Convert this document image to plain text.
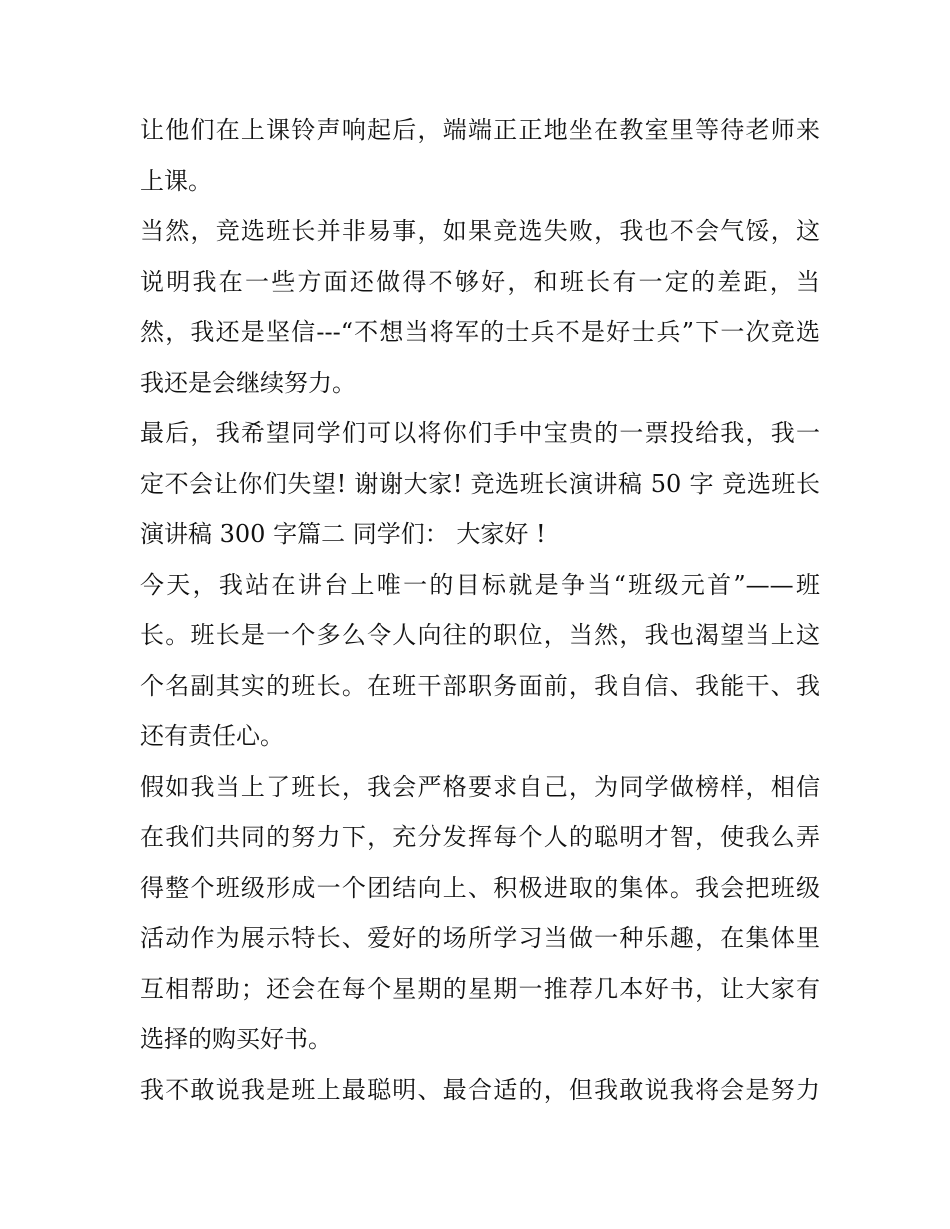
让他们在上课铃声响起后，端端正正地坐在教室里等待老师来
上课。
当然，竞选班长并非易事，如果竞选失败，我也不会气馁，这
说明我在一些方面还做得不够好，和班长有一定的差距，当
然，我还是坚信---“不想当将军的士兵不是好士兵”下一次竞选
我还是会继续努力。
最后，我希望同学们可以将你们手中宝贵的一票投给我，我一
定不会让你们失望! 谢谢大家! 竞选班长演讲稿 50 字 竞选班长
演讲稿 300 字篇二 同学们： 大家好 !
今天，我站在讲台上唯一的目标就是争当“班级元首”——班
长。班长是一个多么令人向往的职位，当然，我也渴望当上这
个名副其实的班长。在班干部职务面前，我自信、我能干、我
还有责任心。
假如我当上了班长，我会严格要求自己，为同学做榜样，相信
在我们共同的努力下，充分发挥每个人的聪明才智，使我么弄
得整个班级形成一个团结向上、积极进取的集体。我会把班级
活动作为展示特长、爱好的场所学习当做一种乐趣，在集体里
互相帮助；还会在每个星期的星期一推荐几本好书，让大家有
选择的购买好书。
我不敢说我是班上最聪明、最合适的，但我敢说我将会是努力
